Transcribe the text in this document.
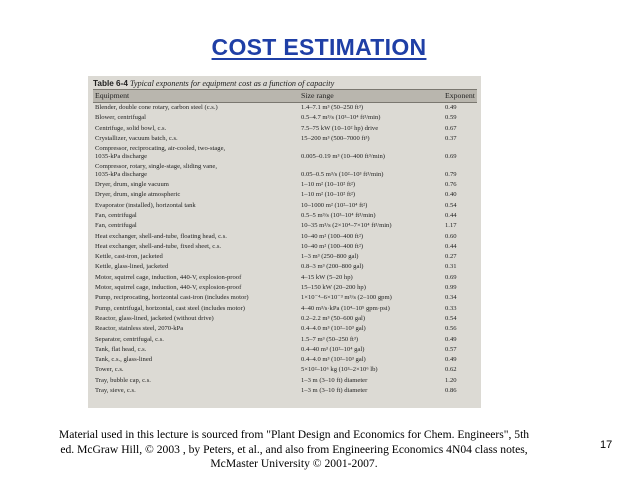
COST ESTIMATION
Table 6-4 Typical exponents for equipment cost as a function of capacity
Equipment	Size range	Exponent
Blender, double cone rotary, carbon steel (c.s.)	1.4–7.1 m³ (50–250 ft³)	0.49
Blower, centrifugal	0.5–4.7 m³/s (10³–10⁴ ft³/min)	0.59
Centrifuge, solid bowl, c.s.	7.5–75 kW (10–10² hp) drive	0.67
Crystallizer, vacuum batch, c.s.	15–200 m³ (500–7000 ft³)	0.37
Compressor, reciprocating, air-cooled, two-stage,
1035-kPa discharge	0.005–0.19 m³ (10–400 ft³/min)	0.69
Compressor, rotary, single-stage, sliding vane,
1035-kPa discharge	0.05–0.5 m³/s (10²–10³ ft³/min)	0.79
Dryer, drum, single vacuum	1–10 m² (10–10² ft²)	0.76
Dryer, drum, single atmospheric	1–10 m² (10–10² ft²)	0.40
Evaporator (installed), horizontal tank	10–1000 m² (10²–10⁴ ft²)	0.54
Fan, centrifugal	0.5–5 m³/s (10³–10⁴ ft³/min)	0.44
Fan, centrifugal	10–35 m³/s (2×10⁴–7×10⁴ ft³/min)	1.17
Heat exchanger, shell-and-tube, floating head, c.s.	10–40 m² (100–400 ft²)	0.60
Heat exchanger, shell-and-tube, fixed sheet, c.s.	10–40 m² (100–400 ft²)	0.44
Kettle, cast-iron, jacketed	1–3 m³ (250–800 gal)	0.27
Kettle, glass-lined, jacketed	0.8–3 m³ (200–800 gal)	0.31
Motor, squirrel cage, induction, 440-V, explosion-proof	4–15 kW (5–20 hp)	0.69
Motor, squirrel cage, induction, 440-V, explosion-proof	15–150 kW (20–200 hp)	0.99
Pump, reciprocating, horizontal cast-iron (includes motor)	1×10⁻⁴–6×10⁻³ m³/s (2–100 gpm)	0.34
Pump, centrifugal, horizontal, cast steel (includes motor)	4–40 m³/s·kPa (10⁴–10⁵ gpm·psi)	0.33
Reactor, glass-lined, jacketed (without drive)	0.2–2.2 m³ (50–600 gal)	0.54
Reactor, stainless steel, 2070-kPa	0.4–4.0 m³ (10²–10³ gal)	0.56
Separator, centrifugal, c.s.	1.5–7 m³ (50–250 ft³)	0.49
Tank, flat head, c.s.	0.4–40 m³ (10²–10⁴ gal)	0.57
Tank, c.s., glass-lined	0.4–4.0 m³ (10²–10³ gal)	0.49
Tower, c.s.	5×10²–10⁶ kg (10³–2×10⁶ lb)	0.62
Tray, bubble cap, c.s.	1–3 m (3–10 ft) diameter	1.20
Tray, sieve, c.s.	1–3 m (3–10 ft) diameter	0.86
Material used in this lecture is sourced from "Plant Design and Economics for Chem. Engineers", 5th
ed. McGraw Hill, © 2003 , by Peters, et al., and also from Engineering Economics 4N04 class notes,
McMaster University © 2001-2007.
17
